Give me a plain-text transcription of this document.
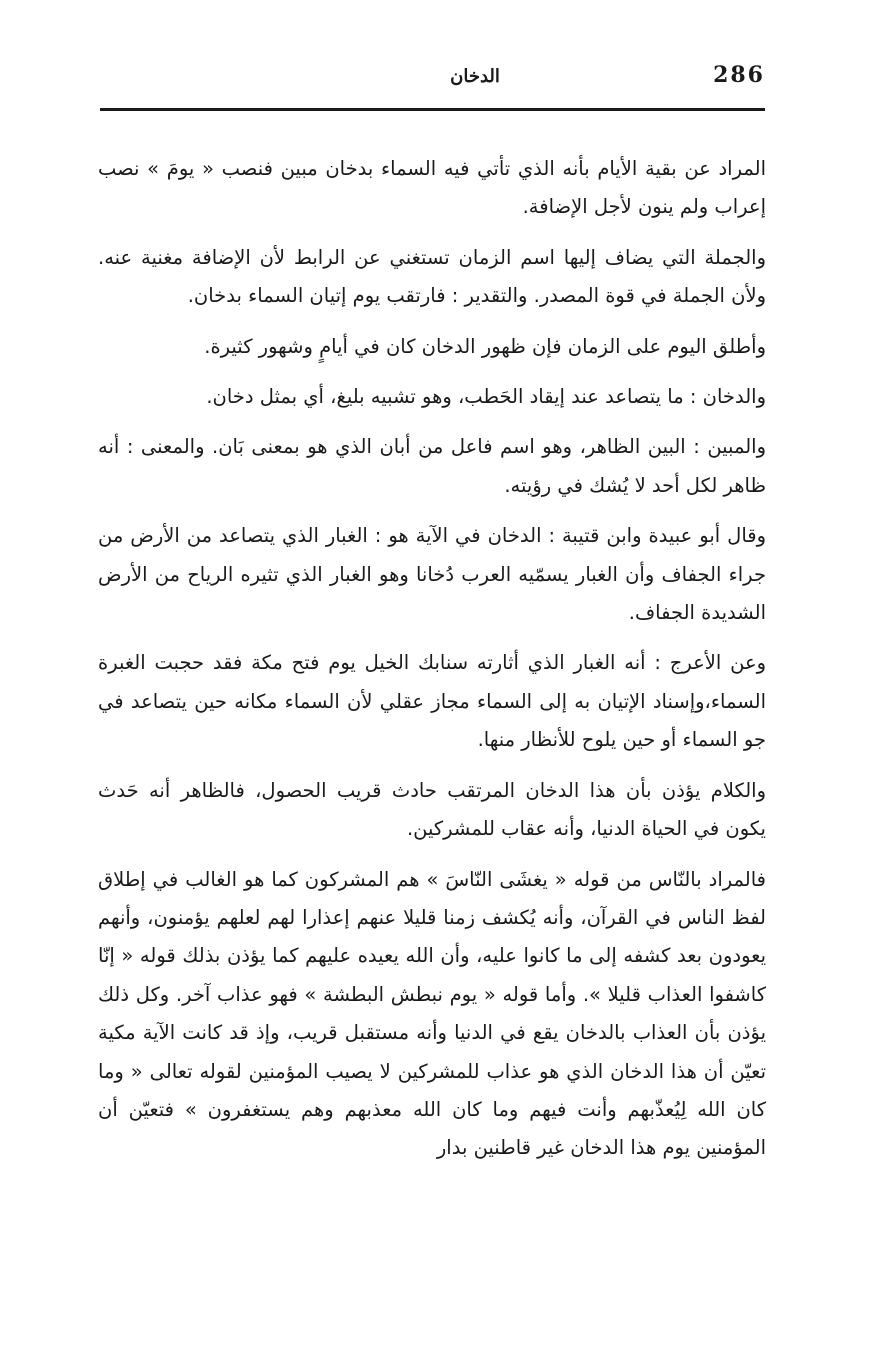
286
الدخان

المراد عن بقية الأيام بأنه الذي تأتي فيه السماء بدخان مبين فنصب « يومَ » نصب إعراب ولم ينون لأجل الإضافة.

والجملة التي يضاف إليها اسم الزمان تستغني عن الرابط لأن الإضافة مغنية عنه. ولأن الجملة في قوة المصدر. والتقدير : فارتقب يوم إتيان السماء بدخان.

وأطلق اليوم على الزمان فإن ظهور الدخان كان في أيامٍ وشهور كثيرة.

والدخان : ما يتصاعد عند إيقاد الحَطب، وهو تشبيه بليغ، أي بمثل دخان.

والمبين : البين الظاهر، وهو اسم فاعل من أبان الذي هو بمعنى بَان. والمعنى : أنه ظاهر لكل أحد لا يُشك في رؤيته.

وقال أبو عبيدة وابن قتيبة : الدخان في الآية هو : الغبار الذي يتصاعد من الأرض من جراء الجفاف وأن الغبار يسمّيه العرب دُخانا وهو الغبار الذي تثيره الرياح من الأرض الشديدة الجفاف.

وعن الأعرج : أنه الغبار الذي أثارته سنابك الخيل يوم فتح مكة فقد حجبت الغبرة السماء،وإسناد الإتيان به إلى السماء مجاز عقلي لأن السماء مكانه حين يتصاعد في جو السماء أو حين يلوح للأنظار منها.

والكلام يؤذن بأن هذا الدخان المرتقب حادث قريب الحصول، فالظاهر أنه حَدث يكون في الحياة الدنيا، وأنه عقاب للمشركين.

فالمراد بالنّاس من قوله « يغشَى النّاسَ » هم المشركون كما هو الغالب في إطلاق لفظ الناس في القرآن، وأنه يُكشف زمنا قليلا عنهم إعذارا لهم لعلهم يؤمنون، وأنهم يعودون بعد كشفه إلى ما كانوا عليه، وأن الله يعيده عليهم كما يؤذن بذلك قوله « إنّا كاشفوا العذاب قليلا ». وأما قوله « يوم نبطش البطشة » فهو عذاب آخر. وكل ذلك يؤذن بأن العذاب بالدخان يقع في الدنيا وأنه مستقبل قريب، وإذ قد كانت الآية مكية تعيّن أن هذا الدخان الذي هو عذاب للمشركين لا يصيب المؤمنين لقوله تعالى « وما كان الله لِيُعذّبهم وأنت فيهم وما كان الله معذبهم وهم يستغفرون » فتعيّن أن المؤمنين يوم هذا الدخان غير قاطنين بدار
